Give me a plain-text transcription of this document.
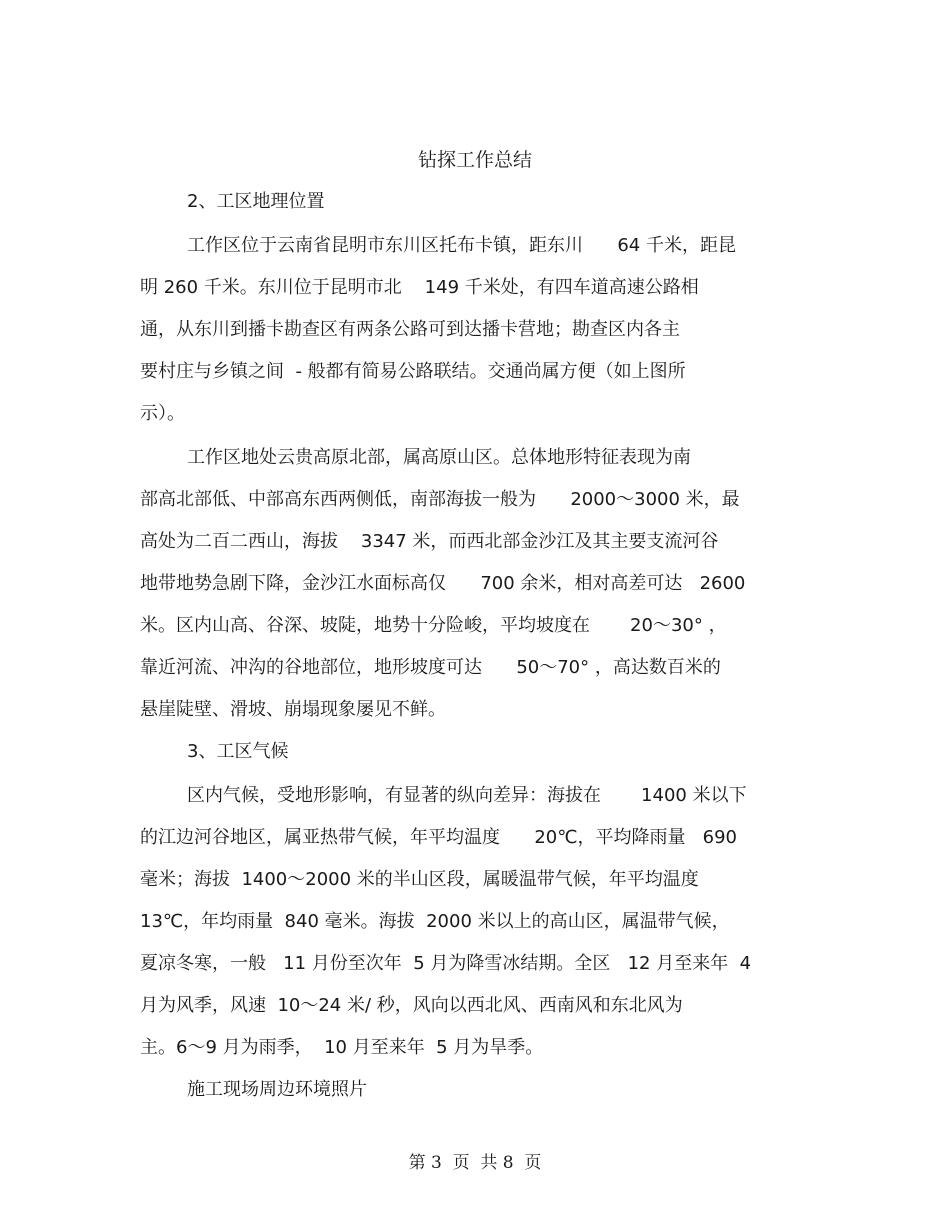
钻探工作总结
2、工区地理位置
工作区位于云南省昆明市东川区托布卡镇，距东川      64 千米，距昆
明 260 千米。东川位于昆明市北    149 千米处，有四车道高速公路相
通，从东川到播卡勘查区有两条公路可到达播卡营地；勘查区内各主
要村庄与乡镇之间  - 般都有简易公路联结。交通尚属方便（如上图所
示）。
工作区地处云贵高原北部，属高原山区。总体地形特征表现为南
部高北部低、中部高东西两侧低，南部海拔一般为      2000～3000 米，最
高处为二百二西山，海拔    3347 米，而西北部金沙江及其主要支流河谷
地带地势急剧下降，金沙江水面标高仅      700 余米，相对高差可达   2600
米。区内山高、谷深、坡陡，地势十分险峻，平均坡度在       20～30° ，
靠近河流、冲沟的谷地部位，地形坡度可达      50～70° ，高达数百米的
悬崖陡壁、滑坡、崩塌现象屡见不鲜。
3、工区气候
区内气候，受地形影响，有显著的纵向差异：海拔在       1400 米以下
的江边河谷地区，属亚热带气候，年平均温度      20℃，平均降雨量   690
毫米；海拔  1400～2000 米的半山区段，属暖温带气候，年平均温度
13℃，年均雨量  840 毫米。海拔  2000 米以上的高山区，属温带气候，
夏凉冬寒，一般   11 月份至次年  5 月为降雪冰结期。全区   12 月至来年  4
月为风季，风速  10～24 米/ 秒，风向以西北风、西南风和东北风为
主。6～9 月为雨季，  10 月至来年  5 月为旱季。
施工现场周边环境照片
第 3  页  共 8  页
